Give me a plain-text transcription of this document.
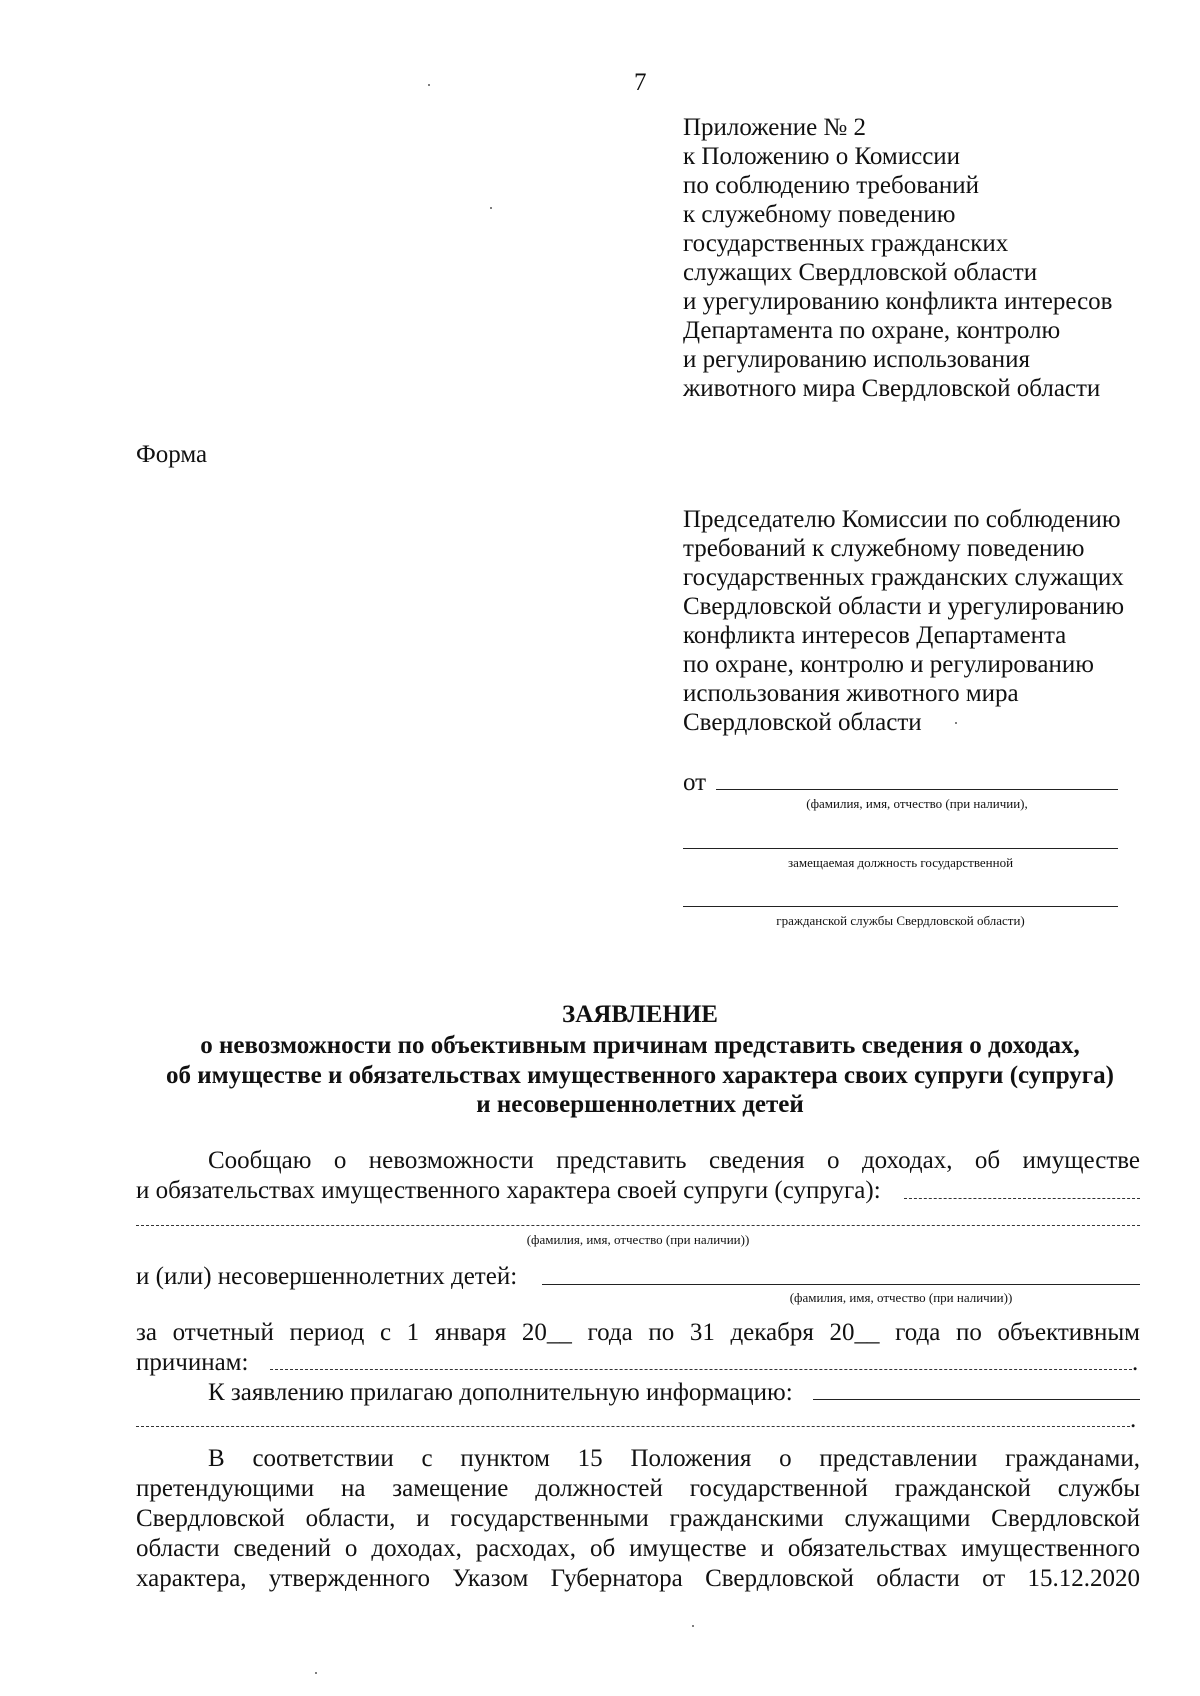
7
Приложение № 2
к Положению о Комиссии
по соблюдению требований
к служебному поведению
государственных гражданских
служащих Свердловской области
и урегулированию конфликта интересов
Департамента по охране, контролю
и регулированию использования
животного мира Свердловской области
Форма
Председателю Комиссии по соблюдению
требований к служебному поведению
государственных гражданских служащих
Свердловской области и урегулированию
конфликта интересов Департамента
по охране, контролю и регулированию
использования животного мира
Свердловской области
от
(фамилия, имя, отчество (при наличии),
замещаемая должность государственной
гражданской службы Свердловской области)
ЗАЯВЛЕНИЕ
о невозможности по объективным причинам представить сведения о доходах,
об имуществе и обязательствах имущественного характера своих супруги (супруга)
и несовершеннолетних детей
Сообщаю о невозможности представить сведения о доходах, об имуществе
и обязательствах имущественного характера своей супруги (супруга):
(фамилия, имя, отчество (при наличии))
и (или) несовершеннолетних детей:
(фамилия, имя, отчество (при наличии))
за отчетный период с 1 января 20__ года по 31 декабря 20__ года по объективным
причинам:	.
К заявлению прилагаю дополнительную информацию:
.
В соответствии с пунктом 15 Положения о представлении гражданами,
претендующими на замещение должностей государственной гражданской службы
Свердловской области, и государственными гражданскими служащими Свердловской
области сведений о доходах, расходах, об имуществе и обязательствах имущественного
характера, утвержденного Указом Губернатора Свердловской области от 15.12.2020
